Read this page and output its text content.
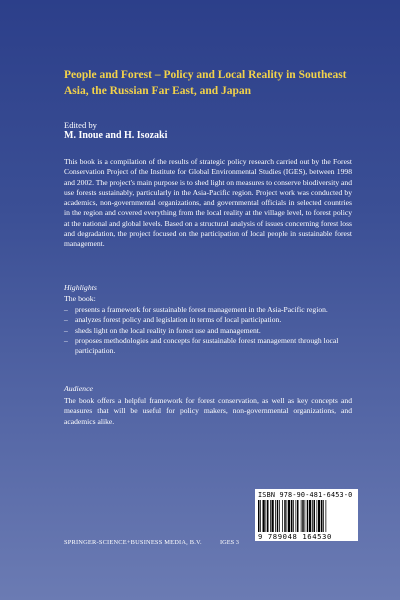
People and Forest – Policy and Local Reality in Southeast Asia, the Russian Far East, and Japan
Edited by
M. Inoue and H. Isozaki
This book is a compilation of the results of strategic policy research carried out by the Forest Conservation Project of the Institute for Global Environmental Studies (IGES), between 1998 and 2002. The project's main purpose is to shed light on measures to conserve biodiversity and use forests sustainably, particularly in the Asia-Pacific region. Project work was conducted by academics, non-governmental organizations, and governmental officials in selected countries in the region and covered everything from the local reality at the village level, to forest policy at the national and global levels. Based on a structural analysis of issues concerning forest loss and degradation, the project focused on the participation of local people in sustainable forest management.
Highlights
The book:
– presents a framework for sustainable forest management in the Asia-Pacific region.
– analyzes forest policy and legislation in terms of local participation.
– sheds light on the local reality in forest use and management.
– proposes methodologies and concepts for sustainable forest management through local participation.
Audience
The book offers a helpful framework for forest conservation, as well as key concepts and measures that will be useful for policy makers, non-governmental organizations, and academics alike.
ISBN 978-90-481-6453-0
9 789048 164530
SPRINGER-SCIENCE+BUSINESS MEDIA, B.V.	IGES 3
